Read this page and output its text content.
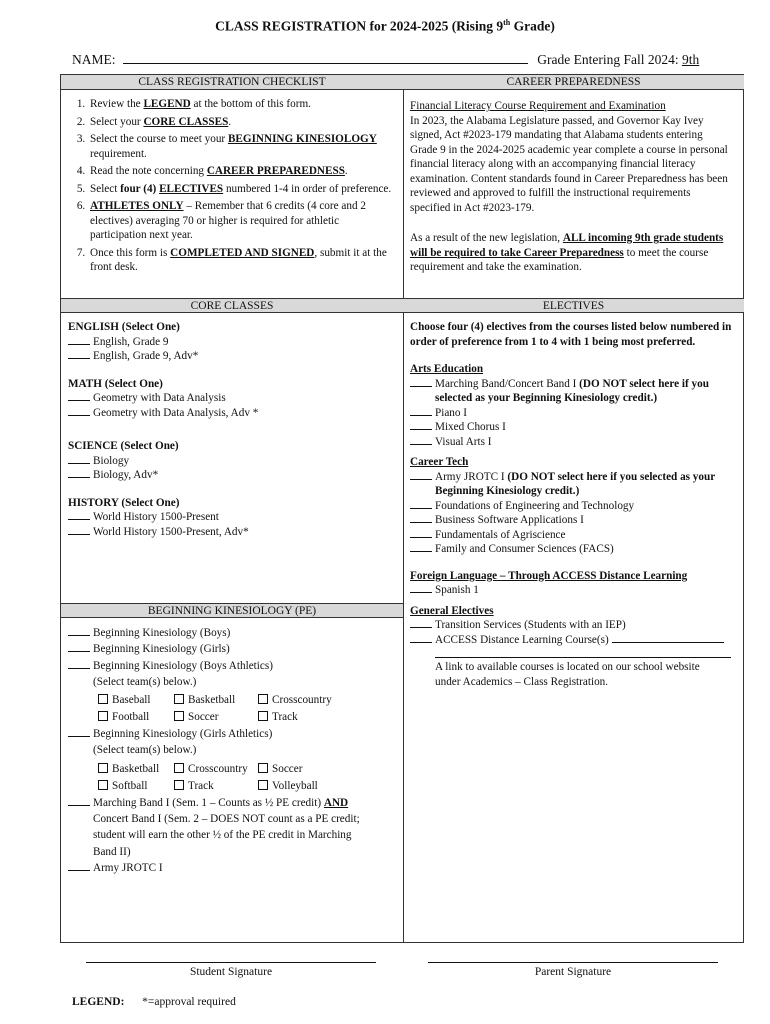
CLASS REGISTRATION for 2024-2025 (Rising 9th Grade)
NAME:	Grade Entering Fall 2024: 9th
CLASS REGISTRATION CHECKLIST	CAREER PREPAREDNESS
1. Review the LEGEND at the bottom of this form.
2. Select your CORE CLASSES.
3. Select the course to meet your BEGINNING KINESIOLOGY requirement.
4. Read the note concerning CAREER PREPAREDNESS.
5. Select four (4) ELECTIVES numbered 1-4 in order of preference.
6. ATHLETES ONLY – Remember that 6 credits (4 core and 2 electives) averaging 70 or higher is required for athletic participation next year.
7. Once this form is COMPLETED AND SIGNED, submit it at the front desk.
Financial Literacy Course Requirement and Examination
In 2023, the Alabama Legislature passed, and Governor Kay Ivey signed, Act #2023-179 mandating that Alabama students entering Grade 9 in the 2024-2025 academic year complete a course in personal financial literacy along with an accompanying financial literacy examination. Content standards found in Career Preparedness has been reviewed and approved to fulfill the instructional requirements specified in Act #2023-179.
As a result of the new legislation, ALL incoming 9th grade students will be required to take Career Preparedness to meet the course requirement and take the examination.
CORE CLASSES	ELECTIVES
ENGLISH (Select One)
English, Grade 9
English, Grade 9, Adv*
MATH (Select One)
Geometry with Data Analysis
Geometry with Data Analysis, Adv *
SCIENCE (Select One)
Biology
Biology, Adv*
HISTORY (Select One)
World History 1500-Present
World History 1500-Present, Adv*
BEGINNING KINESIOLOGY (PE)
Beginning Kinesiology (Boys)
Beginning Kinesiology (Girls)
Beginning Kinesiology (Boys Athletics)
(Select team(s) below.)
Baseball	Basketball	Crosscountry
Football	Soccer	Track
Beginning Kinesiology (Girls Athletics)
(Select team(s) below.)
Basketball	Crosscountry	Soccer
Softball	Track	Volleyball
Marching Band I (Sem. 1 – Counts as ½ PE credit) AND
Concert Band I (Sem. 2 – DOES NOT count as a PE credit; student will earn the other ½ of the PE credit in Marching Band II)
Army JROTC I
Choose four (4) electives from the courses listed below numbered in order of preference from 1 to 4 with 1 being most preferred.
Arts Education
Marching Band/Concert Band I (DO NOT select here if you selected as your Beginning Kinesiology credit.)
Piano I
Mixed Chorus I
Visual Arts I
Career Tech
Army JROTC I (DO NOT select here if you selected as your Beginning Kinesiology credit.)
Foundations of Engineering and Technology
Business Software Applications I
Fundamentals of Agriscience
Family and Consumer Sciences (FACS)
Foreign Language – Through ACCESS Distance Learning
Spanish 1
General Electives
Transition Services (Students with an IEP)
ACCESS Distance Learning Course(s)
A link to available courses is located on our school website under Academics – Class Registration.
Student Signature	Parent Signature
LEGEND: *=approval required
